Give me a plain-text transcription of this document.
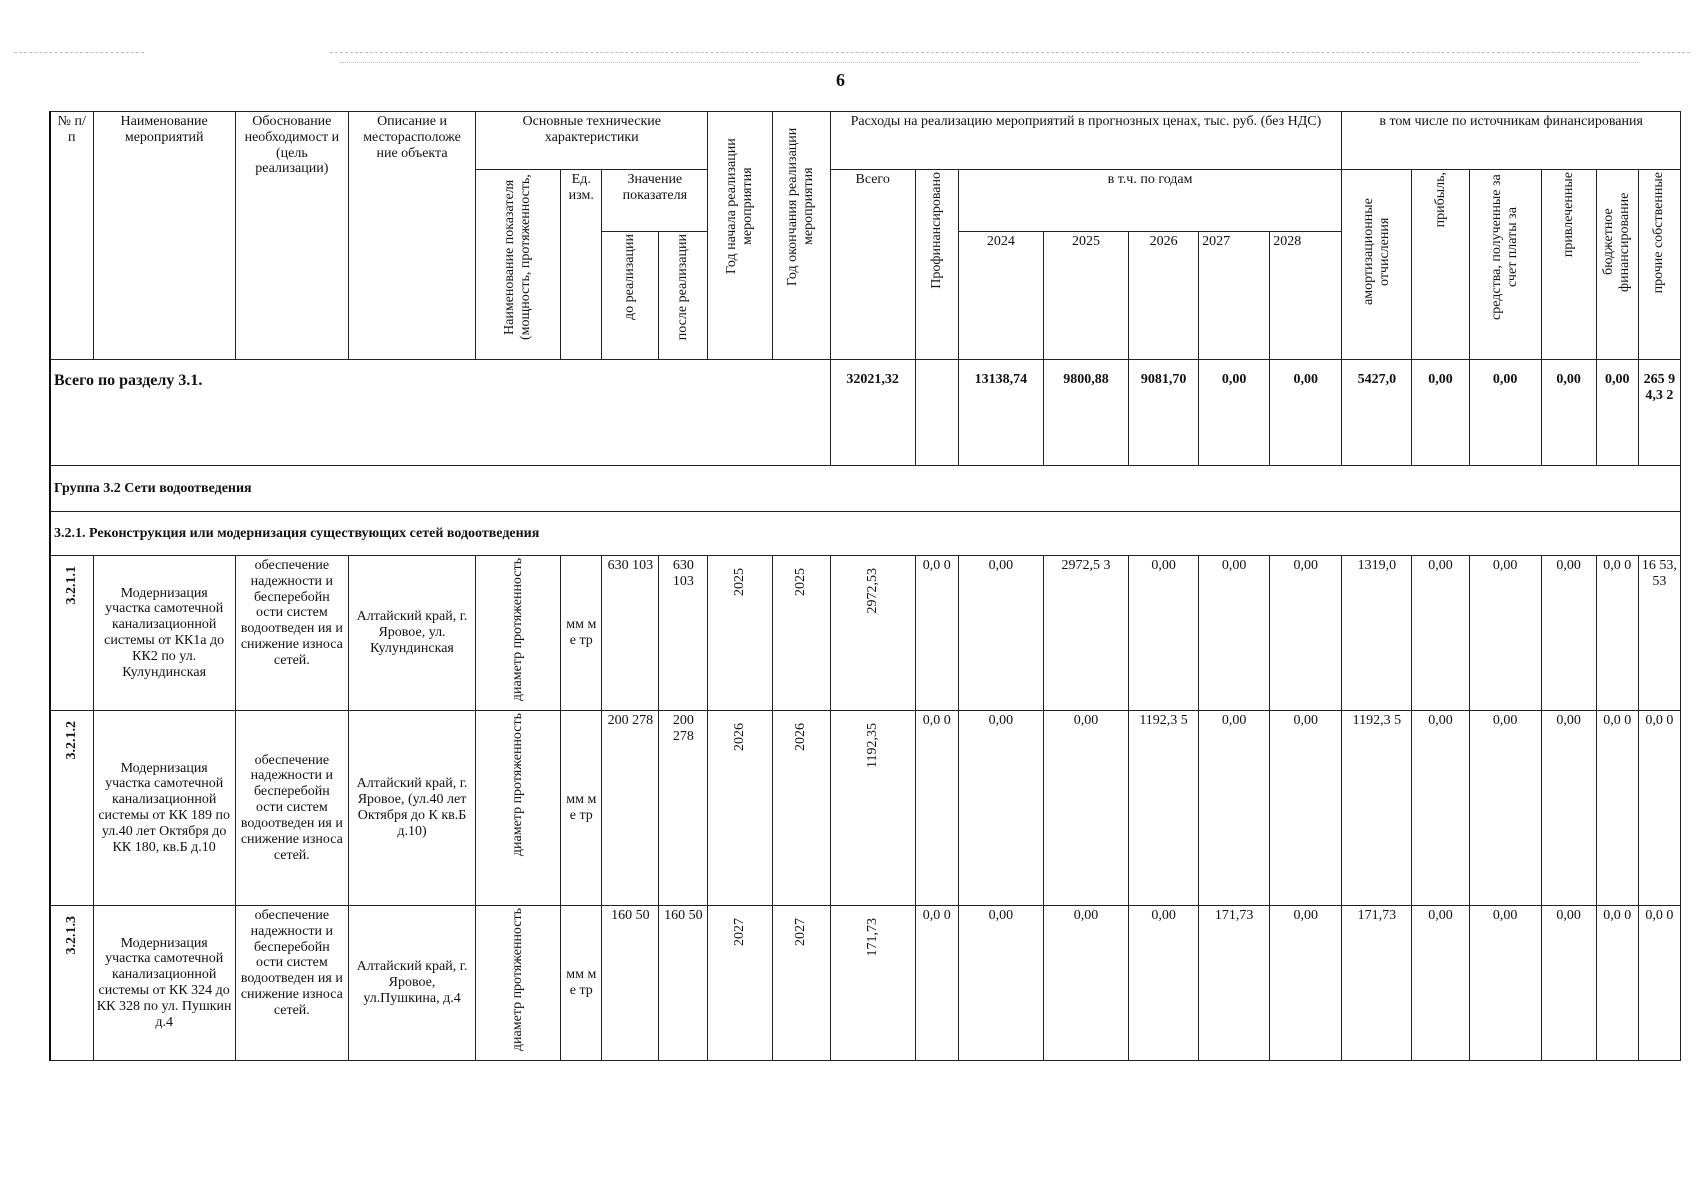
6
№ п/п	Наименование мероприятий	Обоснование необходимост и (цель реализации)	Описание и месторасположе ние объекта	Основные технические характеристики				Год начала реализации мероприятия	Год окончания реализации мероприятия	Расходы на реализацию мероприятий в прогнозных ценах, тыс. руб. (без НДС)							в том числе по источникам финансирования					

				Наименование показателя (мощность, протяженность,	Ед. изм.	Значение показателя				Всего	Профинансировано	в т.ч. по годам					амортизационные отчисления	прибыль,	средства, полученные за счет платы за	привлеченные	бюджетное финансирование	прочие собственные

						до реализации	после реализации					2024	2025	2026	2027	2028						
Всего по разделу 3.1.										32021,32		13138,74	9800,88	9081,70	0,00	0,00	5427,0	0,00	0,00	0,00	0,00	265 94,3 2
Группа 3.2 Сети водоотведения																						
3.2.1. Реконструкция или модернизация существующих сетей водоотведения																						

3.2.1.1	Модернизация участка самотечной канализационной системы от КК1а до КК2 по ул. Кулундинская	обеспечение надежности и бесперебойн ости систем водоотведен ия и снижение износа сетей.	Алтайский край, г. Яровое, ул. Кулундинская	диаметр протяженность	мм ме тр	630 103	630 103	2025	2025	2972,53	0,0 0	0,00	2972,5 3	0,00	0,00	0,00	1319,0	0,00	0,00	0,00	0,0 0	16 53, 53

3.2.1.2	Модернизация участка самотечной канализационной системы от КК 189 по ул.40 лет Октября до КК 180, кв.Б д.10	обеспечение надежности и бесперебойн ости систем водоотведен ия и снижение износа сетей.	Алтайский край, г. Яровое, (ул.40 лет Октября до К кв.Б д.10)	диаметр протяженность	мм ме тр	200 278	200 278	2026	2026	1192,35	0,0 0	0,00	0,00	1192,3 5	0,00	0,00	1192,3 5	0,00	0,00	0,00	0,0 0	0,0 0

3.2.1.3	Модернизация участка самотечной канализационной системы от КК 324 до КК 328 по ул. Пушкин д.4	обеспечение надежности и бесперебойн ости систем водоотведен ия и снижение износа сетей.	Алтайский край, г. Яровое, ул.Пушкина, д.4	диаметр протяженность	мм ме тр	160 50	160 50	2027	2027	171,73	0,0 0	0,00	0,00	0,00	171,73	0,00	171,73	0,00	0,00	0,00	0,0 0	0,0 0
